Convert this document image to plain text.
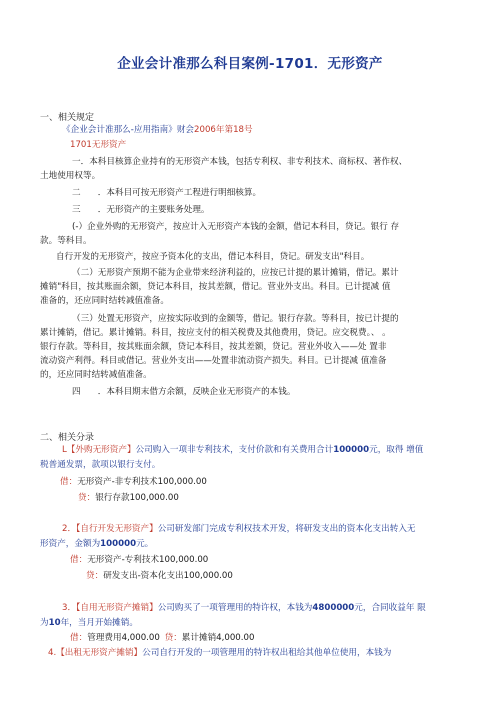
企业会计准那么科目案例-1701．无形资产
一、相关规定
《企业会计准那么-应用指南》财会2006年第18号
1701无形资产
一．本科目核算企业持有的无形资产本钱，包括专利权、非专利技术、商标权、著作权、
土地使用权等。
二　　．本科目可按无形资产工程进行明细核算。
三　　．无形资产的主要账务处理。
(-）企业外购的无形资产，按应计入无形资产本钱的金额，借记本科目，贷记。银行 存
款。等科目。
自行开发的无形资产，按应予资本化的支出，借记本科目，贷记。研发支出"科目。
（二）无形资产预期不能为企业带来经济利益的，应按已计提的累计摊销，借记。累计
摊销"科目，按其账面余额，贷记本科目，按其差额，借记。营业外支出。科目。已计提减 值
准备的，还应同时结转减值准备。
（三）处置无形资产，应按实际收到的金额等，借记。银行存款。等科目，按已计提的
累计摊销，借记。累计摊销。科目，按应支付的相关税费及其他费用，贷记。应交税费。、 。
银行存款。等科目，按其账面余额，贷记本科目，按其差额，贷记。营业外收入——处 置非
流动资产利得。科目或借记。营业外支出——处置非流动资产损失。科目。已计提减 值准备
的，还应同时结转减值准备。
四　　．本科目期末借方余额，反映企业无形资产的本钱。
二、相关分录
L【外购无形资产】公司购入一项非专利技术，支付价款和有关费用合计100000元，取得 增值
税普通发票，款项以银行支付。
借：无形资产-非专利技术100,000.00
贷：银行存款100,000.00
2．【自行开发无形资产】公司研发部门完成专利权技术开发，将研发支出的资本化支出转入无
形资产，金额为100000元。
借：无形资产-专利技术100,000.00
贷：研发支出-资本化支出100,000.00
3．【自用无形资产摊销】公司购买了一项管理用的特许权，本钱为4800000元，合同收益年 限
为10年，当月开始摊销。
借：管理费用4,000.00 贷：累计摊销4,000.00
4.【出租无形资产摊销】公司自行开发的一项管理用的特许权出租给其他单位使用，本钱为
